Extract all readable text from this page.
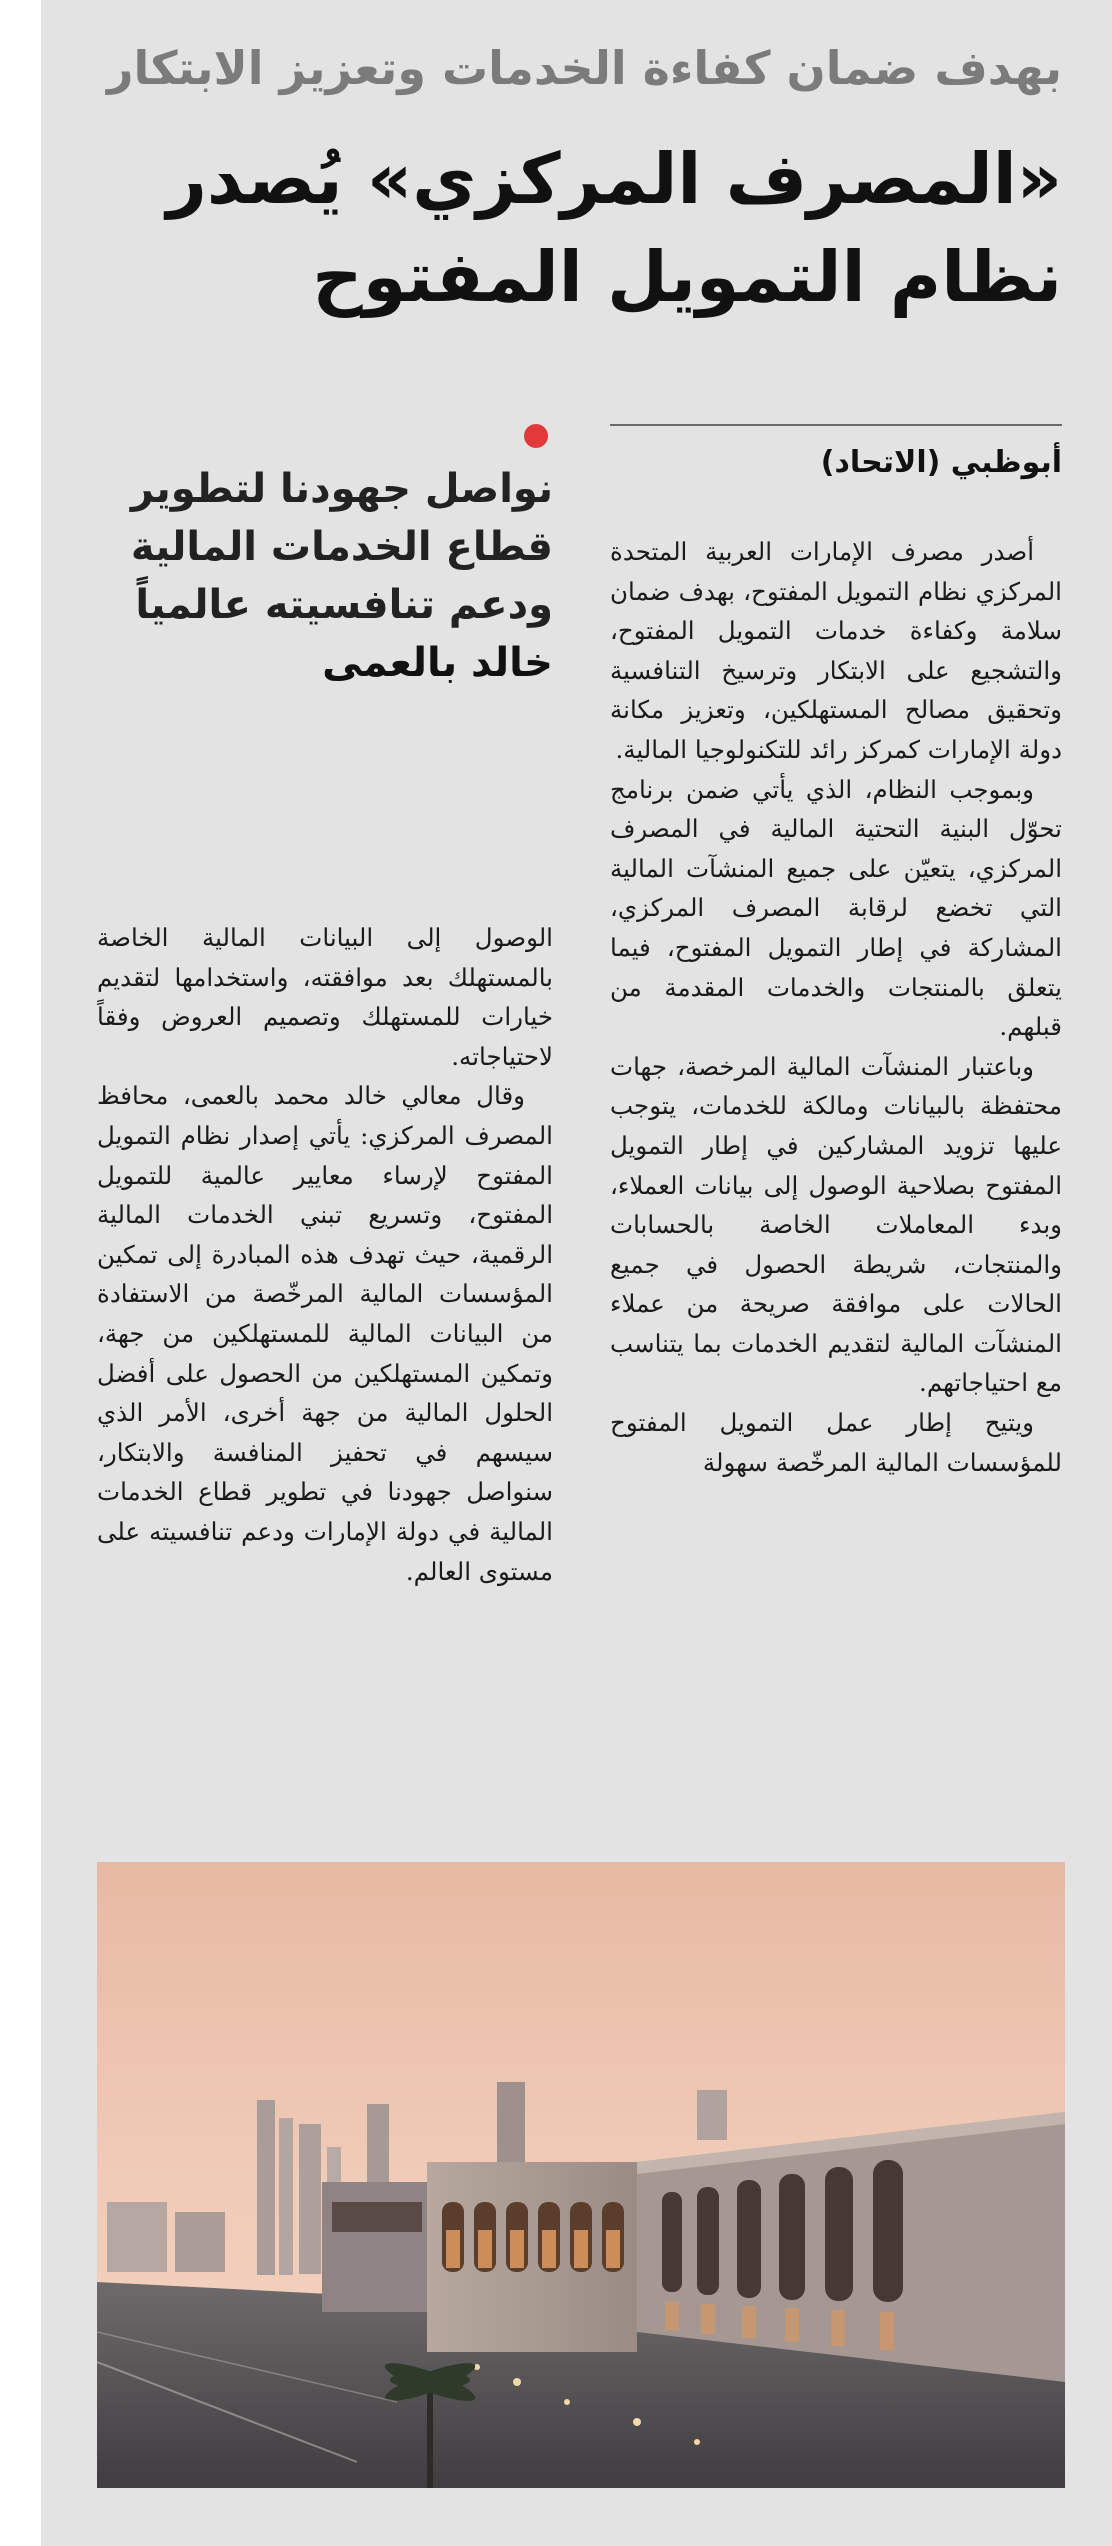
بهدف ضمان كفاءة الخدمات وتعزيز الابتكار
«المصرف المركزي» يُصدر نظام التمويل المفتوح
أبوظبي (الاتحاد)
نواصل جهودنا لتطوير قطاع الخدمات المالية ودعم تنافسيته عالمياً
خالد بالعمى

أصدر مصرف الإمارات العربية المتحدة المركزي نظام التمويل المفتوح، بهدف ضمان سلامة وكفاءة خدمات التمويل المفتوح، والتشجيع على الابتكار وترسيخ التنافسية وتحقيق مصالح المستهلكين، وتعزيز مكانة دولة الإمارات كمركز رائد للتكنولوجيا المالية.

وبموجب النظام، الذي يأتي ضمن برنامج تحوّل البنية التحتية المالية في المصرف المركزي، يتعيّن على جميع المنشآت المالية التي تخضع لرقابة المصرف المركزي، المشاركة في إطار التمويل المفتوح، فيما يتعلق بالمنتجات والخدمات المقدمة من قبلهم.

وباعتبار المنشآت المالية المرخصة، جهات محتفظة بالبيانات ومالكة للخدمات، يتوجب عليها تزويد المشاركين في إطار التمويل المفتوح بصلاحية الوصول إلى بيانات العملاء، وبدء المعاملات الخاصة بالحسابات والمنتجات، شريطة الحصول في جميع الحالات على موافقة صريحة من عملاء المنشآت المالية لتقديم الخدمات بما يتناسب مع احتياجاتهم.

ويتيح إطار عمل التمويل المفتوح للمؤسسات المالية المرخّصة سهولة

الوصول إلى البيانات المالية الخاصة بالمستهلك بعد موافقته، واستخدامها لتقديم خيارات للمستهلك وتصميم العروض وفقاً لاحتياجاته.

وقال معالي خالد محمد بالعمى، محافظ المصرف المركزي: يأتي إصدار نظام التمويل المفتوح لإرساء معايير عالمية للتمويل المفتوح، وتسريع تبني الخدمات المالية الرقمية، حيث تهدف هذه المبادرة إلى تمكين المؤسسات المالية المرخّصة من الاستفادة من البيانات المالية للمستهلكين من جهة، وتمكين المستهلكين من الحصول على أفضل الحلول المالية من جهة أخرى، الأمر الذي سيسهم في تحفيز المنافسة والابتكار، سنواصل جهودنا في تطوير قطاع الخدمات المالية في دولة الإمارات ودعم تنافسيته على مستوى العالم.
